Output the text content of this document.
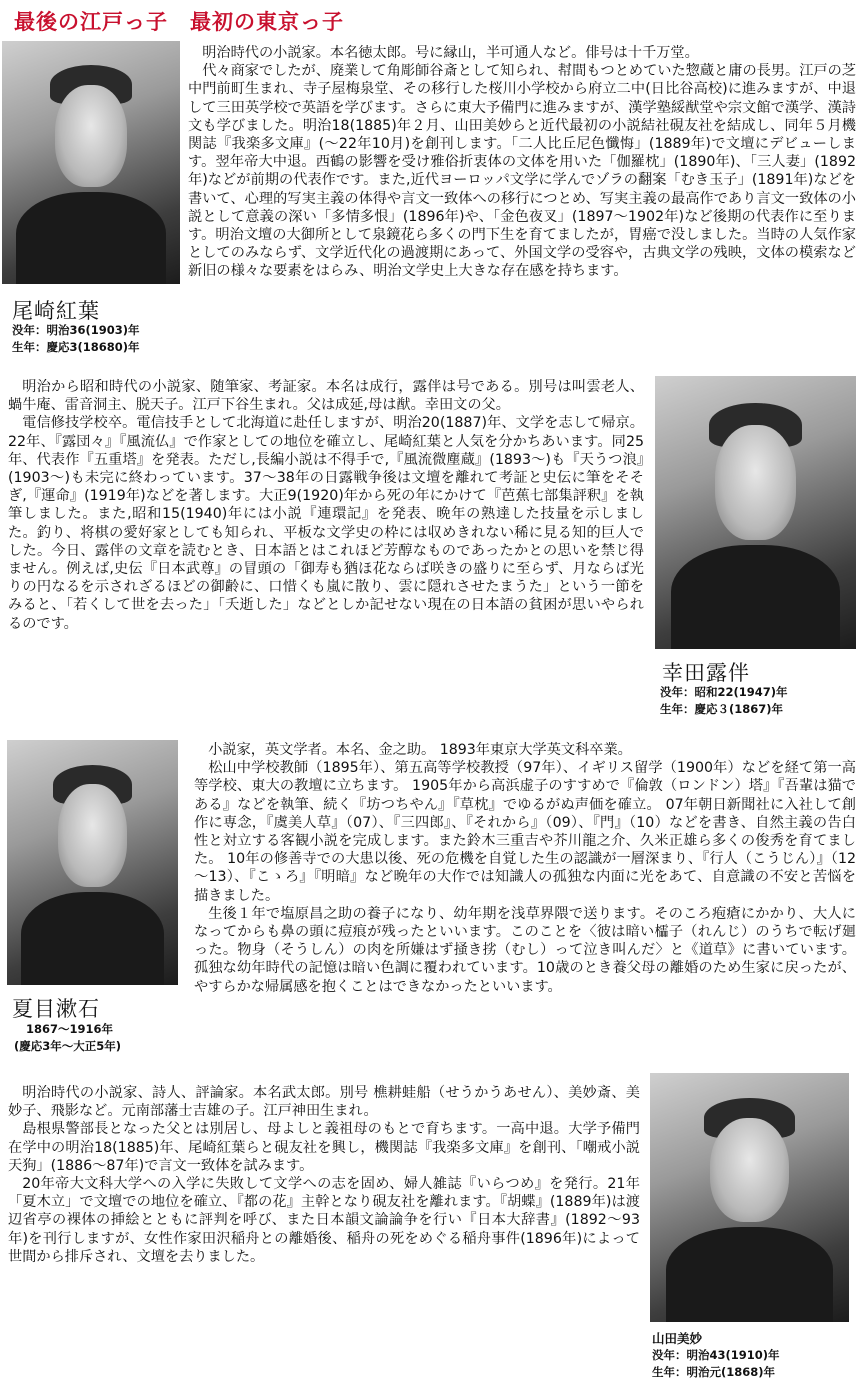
最後の江戸っ子　最初の東京っ子
尾崎紅葉
没年：明治36(1903)年
生年：慶応3(18680)年

明治時代の小説家。本名徳太郎。号に縁山，半可通人など。俳号は十千万堂。

代々商家でしたが、廃業して角彫師谷斎として知られ、幇間もつとめていた惣蔵と庸の長男。江戸の芝中門前町生まれ、寺子屋梅泉堂、その移行した桜川小学校から府立二中(日比谷高校)に進みますが、中退して三田英学校で英語を学びます。さらに東大予備門に進みますが、漢学塾綏猷堂や宗文館で漢学、漢詩文も学びました。明治18(1885)年２月、山田美妙らと近代最初の小説結社硯友社を結成し、同年５月機関誌『我楽多文庫』(～22年10月)を創刊します。「二人比丘尼色懺悔」(1889年)で文壇にデビューします。翌年帝大中退。西鶴の影響を受け雅俗折衷体の文体を用いた「伽羅枕」(1890年)、「三人妻」(1892年)などが前期の代表作です。また,近代ヨーロッパ文学に学んでゾラの翻案「むき玉子」(1891年)などを書いて、心理的写実主義の体得や言文一致体への移行につとめ、写実主義の最高作であり言文一致体の小説として意義の深い「多情多恨」(1896年)や、「金色夜叉」(1897～1902年)など後期の代表作に至ります。明治文壇の大御所として泉鏡花ら多くの門下生を育てましたが，胃癌で没しました。当時の人気作家としてのみならず、文学近代化の過渡期にあって、外国文学の受容や，古典文学の残映，文体の模索など新旧の様々な要素をはらみ、明治文学史上大きな存在感を持ちます。

明治から昭和時代の小説家、随筆家、考証家。本名は成行，露伴は号である。別号は叫雲老人、蝸牛庵、雷音洞主、脱天子。江戸下谷生まれ。父は成延,母は猷。幸田文の父。

電信修技学校卒。電信技手として北海道に赴任しますが、明治20(1887)年、文学を志して帰京。22年、『露団々』『風流仏』で作家としての地位を確立し、尾崎紅葉と人気を分かちあいます。同25年、代表作『五重塔』を発表。ただし,長編小説は不得手で,『風流微塵蔵』(1893～)も『天うつ浪』(1903～)も未完に終わっています。37～38年の日露戦争後は文壇を離れて考証と史伝に筆をそそぎ,『運命』(1919年)などを著します。大正9(1920)年から死の年にかけて『芭蕉七部集評釈』を執筆しました。また,昭和15(1940)年には小説『連環記』を発表、晩年の熟達した技量を示しました。釣り、将棋の愛好家としても知られ、平板な文学史の枠には収めきれない稀に見る知的巨人でした。今日、露伴の文章を読むとき、日本語とはこれほど芳醇なものであったかとの思いを禁じ得ません。例えば,史伝『日本武尊』の冒頭の「御寿も猶ほ花ならば咲きの盛りに至らず、月ならば光りの円なるを示されざるほどの御齢に、口惜くも嵐に散り、雲に隠れさせたまうた」という一節をみると、「若くして世を去った」「夭逝した」などとしか記せない現在の日本語の貧困が思いやられるのです。

幸田露伴
没年：昭和22(1947)年
生年：慶応３(1867)年
夏目漱石
1867～1916年
(慶応3年～大正5年)

小説家，英文学者。本名、金之助。 1893年東京大学英文科卒業。

松山中学校教師（1895年）、第五高等学校教授（97年）、イギリス留学（1900年）などを経て第一高等学校、東大の教壇に立ちます。 1905年から高浜虚子のすすめで『倫敦（ロンドン）塔』『吾輩は猫である』などを執筆、続く『坊つちやん』『草枕』でゆるがぬ声価を確立。 07年朝日新聞社に入社して創作に専念，『虞美人草』（07）、『三四郎』、『それから』（09）、『門』（10）などを書き、自然主義の告白性と対立する客観小説を完成します。また鈴木三重吉や芥川龍之介、久米正雄ら多くの俊秀を育てました。 10年の修善寺での大患以後、死の危機を自覚した生の認識が一層深まり、『行人（こうじん）』（12～13）、『こゝろ』『明暗』など晩年の大作では知識人の孤独な内面に光をあて、自意識の不安と苦悩を描きました。

生後１年で塩原昌之助の養子になり、幼年期を浅草界隈で送ります。そのころ疱瘡にかかり、大人になってからも鼻の頭に痘痕が残ったといいます。このことを〈彼は暗い櫺子（れんじ）のうちで転げ廻った。物身（そうしん）の肉を所嫌はず掻き挘（むし）って泣き叫んだ〉と《道草》に書いています。孤独な幼年時代の記憶は暗い色調に覆われています。10歳のとき養父母の離婚のため生家に戻ったが、やすらかな帰属感を抱くことはできなかったといいます。

明治時代の小説家、詩人、評論家。本名武太郎。別号 樵耕蛙船（せうかうあせん）、美妙斎、美妙子、飛影など。元南部藩士吉雄の子。江戸神田生まれ。

島根県警部長となった父とは別居し、母よしと義祖母のもとで育ちます。一高中退。大学予備門在学中の明治18(1885)年、尾崎紅葉らと硯友社を興し，機関誌『我楽多文庫』を創刊、「嘲戒小説天狗」(1886～87年)で言文一致体を試みます。

20年帝大文科大学への入学に失敗して文学への志を固め、婦人雑誌『いらつめ』を発行。21年「夏木立」で文壇での地位を確立、『都の花』主幹となり硯友社を離れます。『胡蝶』(1889年)は渡辺省亭の裸体の挿絵とともに評判を呼び、また日本韻文論論争を行い『日本大辞書』(1892～93年)を刊行しますが、女性作家田沢稲舟との離婚後、稲舟の死をめぐる稲舟事件(1896年)によって世間から排斥され、文壇を去りました。

山田美妙
没年：明治43(1910)年
生年：明治元(1868)年
